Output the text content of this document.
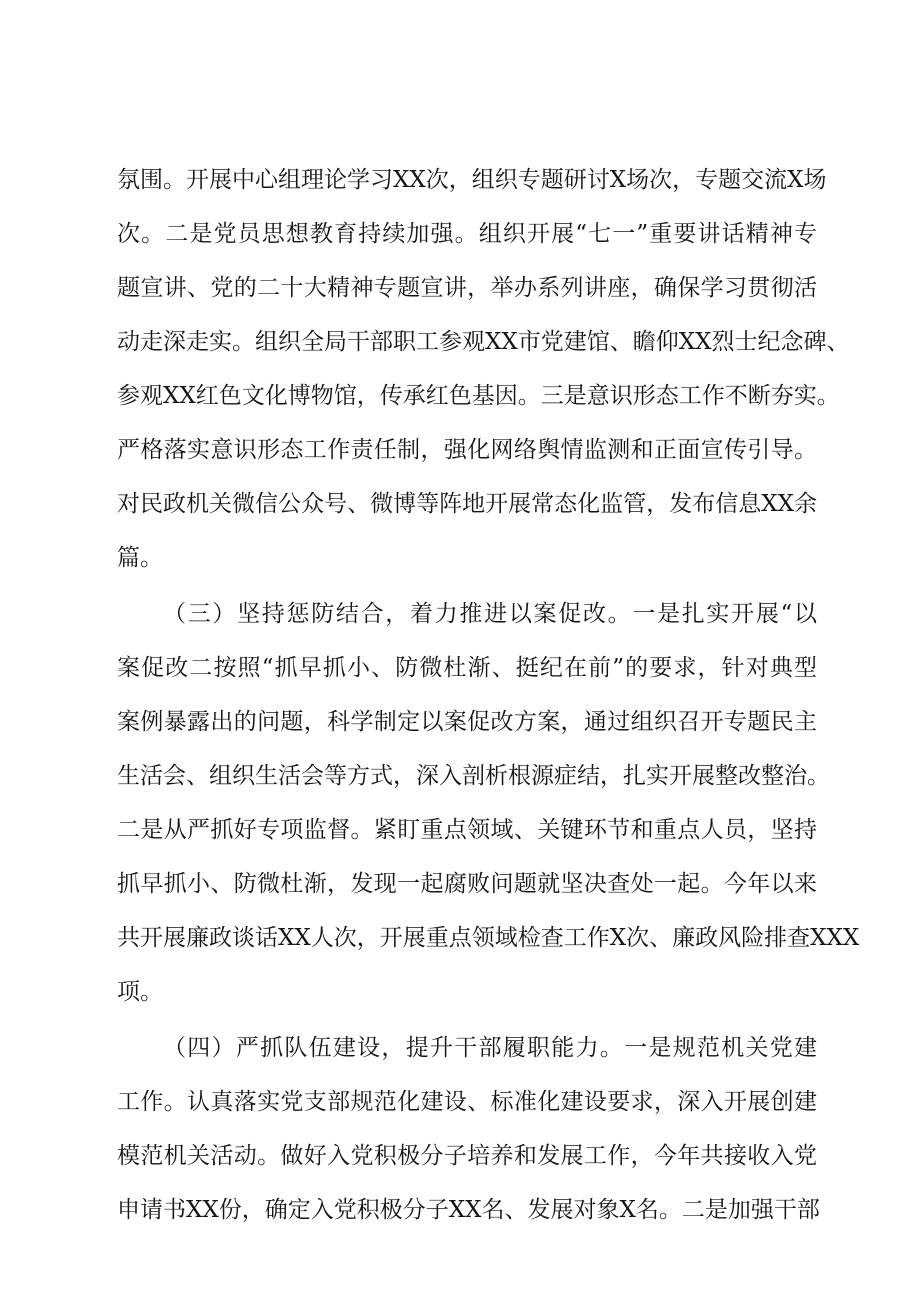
氛围。开展中心组理论学习XX次，组织专题研讨X场次，专题交流X场
次。二是党员思想教育持续加强。组织开展“七一”重要讲话精神专
题宣讲、党的二十大精神专题宣讲，举办系列讲座，确保学习贯彻活
动走深走实。组织全局干部职工参观XX市党建馆、瞻仰XX烈士纪念碑、
参观XX红色文化博物馆，传承红色基因。三是意识形态工作不断夯实。
严格落实意识形态工作责任制，强化网络舆情监测和正面宣传引导。
对民政机关微信公众号、微博等阵地开展常态化监管，发布信息XX余
篇。
（三）坚持惩防结合，着力推进以案促改。一是扎实开展“以
案促改二按照“抓早抓小、防微杜渐、挺纪在前”的要求，针对典型
案例暴露出的问题，科学制定以案促改方案，通过组织召开专题民主
生活会、组织生活会等方式，深入剖析根源症结，扎实开展整改整治。
二是从严抓好专项监督。紧盯重点领域、关键环节和重点人员，坚持
抓早抓小、防微杜渐，发现一起腐败问题就坚决查处一起。今年以来
共开展廉政谈话XX人次，开展重点领域检查工作X次、廉政风险排查XXX
项。
（四）严抓队伍建设，提升干部履职能力。一是规范机关党建
工作。认真落实党支部规范化建设、标准化建设要求，深入开展创建
模范机关活动。做好入党积极分子培养和发展工作，今年共接收入党
申请书XX份，确定入党积极分子XX名、发展对象X名。二是加强干部
